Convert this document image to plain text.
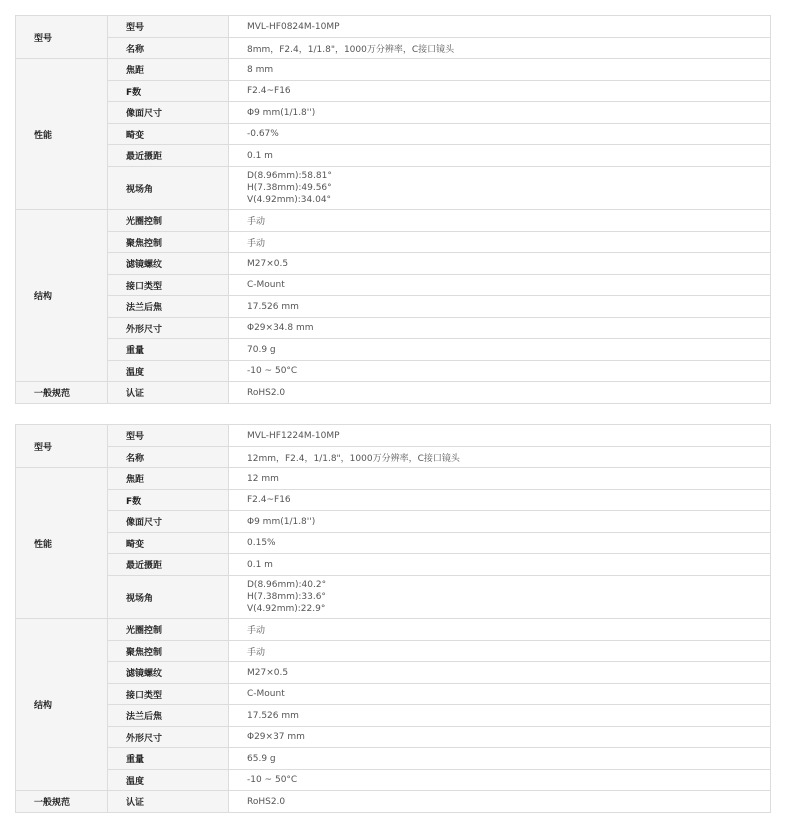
型号	型号	MVL-HF0824M-10MP
	名称	8mm，F2.4，1/1.8"，1000万分辨率，C接口镜头
性能	焦距	8 mm
	F数	F2.4~F16
	像面尺寸	Φ9 mm(1/1.8'')
	畸变	-0.67%
	最近摄距	0.1 m
	视场角	D(8.96mm):58.81°
H(7.38mm):49.56°
V(4.92mm):34.04°

结构	光圈控制	手动
	聚焦控制	手动
	滤镜螺纹	M27×0.5
	接口类型	C-Mount
	法兰后焦	17.526 mm
	外形尺寸	Φ29×34.8 mm
	重量	70.9 g
	温度	-10 ~ 50°C
一般规范	认证	RoHS2.0
型号	型号	MVL-HF1224M-10MP
	名称	12mm，F2.4，1/1.8"，1000万分辨率，C接口镜头
性能	焦距	12 mm
	F数	F2.4~F16
	像面尺寸	Φ9 mm(1/1.8'')
	畸变	0.15%
	最近摄距	0.1 m
	视场角	D(8.96mm):40.2°
H(7.38mm):33.6°
V(4.92mm):22.9°

结构	光圈控制	手动
	聚焦控制	手动
	滤镜螺纹	M27×0.5
	接口类型	C-Mount
	法兰后焦	17.526 mm
	外形尺寸	Φ29×37 mm
	重量	65.9 g
	温度	-10 ~ 50°C
一般规范	认证	RoHS2.0
